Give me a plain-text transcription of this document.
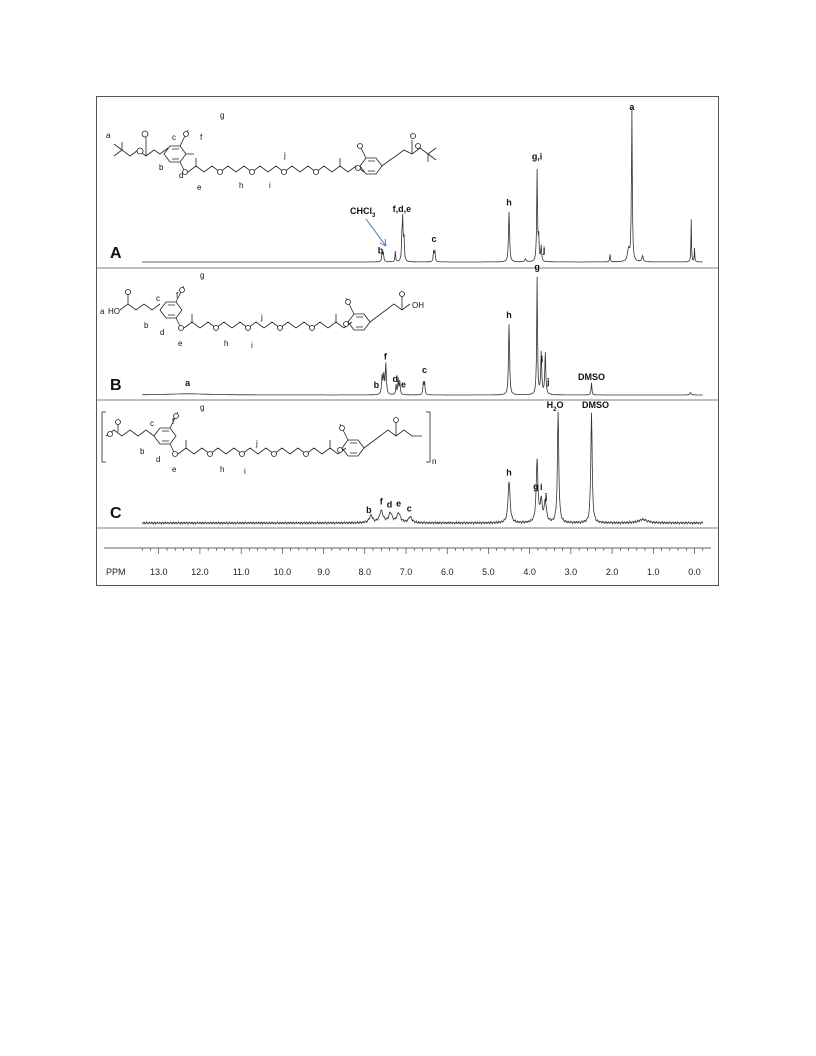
a
b
c
d
e
f
g
h	i
j
a HO
OH
b
c
d
e
f
g
h	i
j
n
b
c
d
e
f
g
h i
j
A
B
C
a
g,i
h
j
f,d,e
b
c
CHCl$_3$
g
h
i
j
f
b
d
e
c
a
DMSO
b
f d e c
h
g i
j
$H_2O$ DMSO
PPM	13.0	12.0	11.0	10.0	9.0	8.0	7.0	6.0	5.0	4.0	3.0	2.0	1.0	0.0
